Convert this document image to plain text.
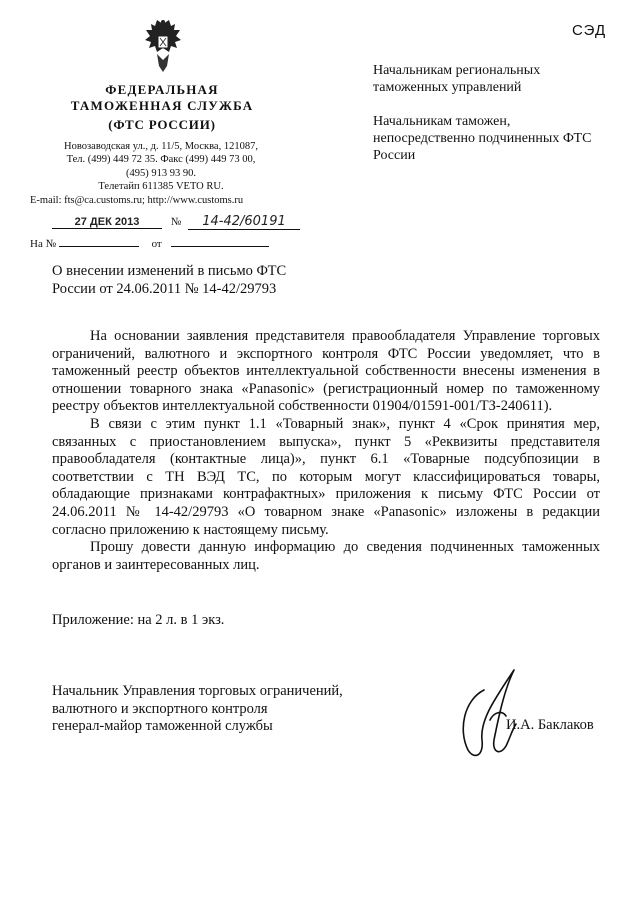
СЭД
ФЕДЕРАЛЬНАЯ
ТАМОЖЕННАЯ СЛУЖБА
(ФТС РОССИИ)
Новозаводская ул., д. 11/5, Москва, 121087,
Тел. (499) 449 72 35. Факс (499) 449 73 00,
(495) 913 93 90.
Телетайп 611385 VETO RU.
E-mail: fts@ca.customs.ru; http://www.customs.ru

Начальникам региональных таможенных управлений

Начальникам таможен, непосредственно подчиненных ФТС России

27 ДЕК 2013	№ 14-42/60191
На №	от
О внесении изменений в письмо ФТС России от 24.06.2011 № 14-42/29793

На основании заявления представителя правообладателя Управление торговых ограничений, валютного и экспортного контроля ФТС России уведомляет, что в таможенный реестр объектов интеллектуальной собственности внесены изменения в отношении товарного знака «Panasonic» (регистрационный номер по таможенному реестру объектов интеллектуальной собственности 01904/01591-001/ТЗ-240611).

В связи с этим пункт 1.1 «Товарный знак», пункт 4 «Срок принятия мер, связанных с приостановлением выпуска», пункт 5 «Реквизиты представителя правообладателя (контактные лица)», пункт 6.1 «Товарные подсубпозиции в соответствии с ТН ВЭД ТС, по которым могут классифицироваться товары, обладающие признаками контрафактных» приложения к письму ФТС России от 24.06.2011 № 14-42/29793 «О товарном знаке «Panasonic» изложены в редакции согласно приложению к настоящему письму.

Прошу довести данную информацию до сведения подчиненных таможенных органов и заинтересованных лиц.

Приложение: на 2 л. в 1 экз.
Начальник Управления торговых ограничений,
валютного и экспортного контроля
генерал-майор таможенной службы	И.А. Баклаков
